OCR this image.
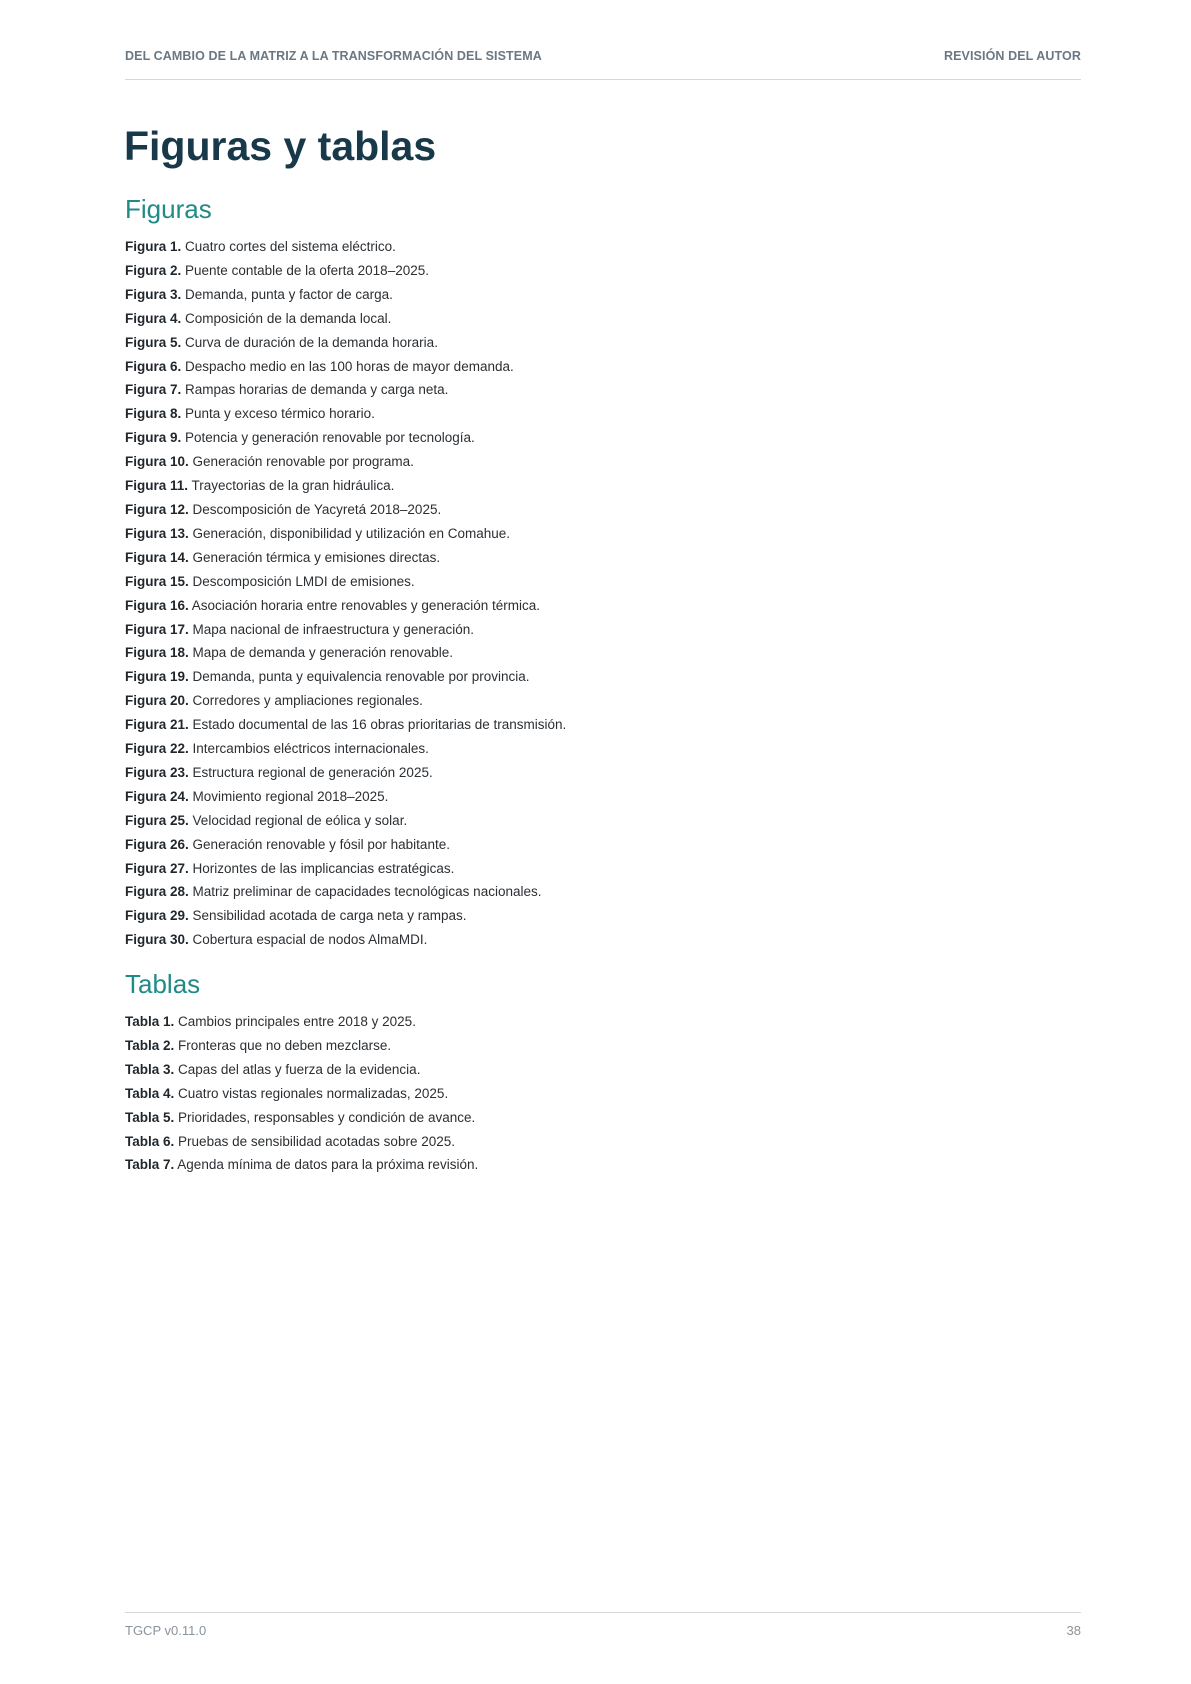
DEL CAMBIO DE LA MATRIZ A LA TRANSFORMACIÓN DEL SISTEMA	REVISIÓN DEL AUTOR
Figuras y tablas
Figuras
Figura 1. Cuatro cortes del sistema eléctrico.
Figura 2. Puente contable de la oferta 2018–2025.
Figura 3. Demanda, punta y factor de carga.
Figura 4. Composición de la demanda local.
Figura 5. Curva de duración de la demanda horaria.
Figura 6. Despacho medio en las 100 horas de mayor demanda.
Figura 7. Rampas horarias de demanda y carga neta.
Figura 8. Punta y exceso térmico horario.
Figura 9. Potencia y generación renovable por tecnología.
Figura 10. Generación renovable por programa.
Figura 11. Trayectorias de la gran hidráulica.
Figura 12. Descomposición de Yacyretá 2018–2025.
Figura 13. Generación, disponibilidad y utilización en Comahue.
Figura 14. Generación térmica y emisiones directas.
Figura 15. Descomposición LMDI de emisiones.
Figura 16. Asociación horaria entre renovables y generación térmica.
Figura 17. Mapa nacional de infraestructura y generación.
Figura 18. Mapa de demanda y generación renovable.
Figura 19. Demanda, punta y equivalencia renovable por provincia.
Figura 20. Corredores y ampliaciones regionales.
Figura 21. Estado documental de las 16 obras prioritarias de transmisión.
Figura 22. Intercambios eléctricos internacionales.
Figura 23. Estructura regional de generación 2025.
Figura 24. Movimiento regional 2018–2025.
Figura 25. Velocidad regional de eólica y solar.
Figura 26. Generación renovable y fósil por habitante.
Figura 27. Horizontes de las implicancias estratégicas.
Figura 28. Matriz preliminar de capacidades tecnológicas nacionales.
Figura 29. Sensibilidad acotada de carga neta y rampas.
Figura 30. Cobertura espacial de nodos AlmaMDI.
Tablas
Tabla 1. Cambios principales entre 2018 y 2025.
Tabla 2. Fronteras que no deben mezclarse.
Tabla 3. Capas del atlas y fuerza de la evidencia.
Tabla 4. Cuatro vistas regionales normalizadas, 2025.
Tabla 5. Prioridades, responsables y condición de avance.
Tabla 6. Pruebas de sensibilidad acotadas sobre 2025.
Tabla 7. Agenda mínima de datos para la próxima revisión.
TGCP v0.11.0	38
